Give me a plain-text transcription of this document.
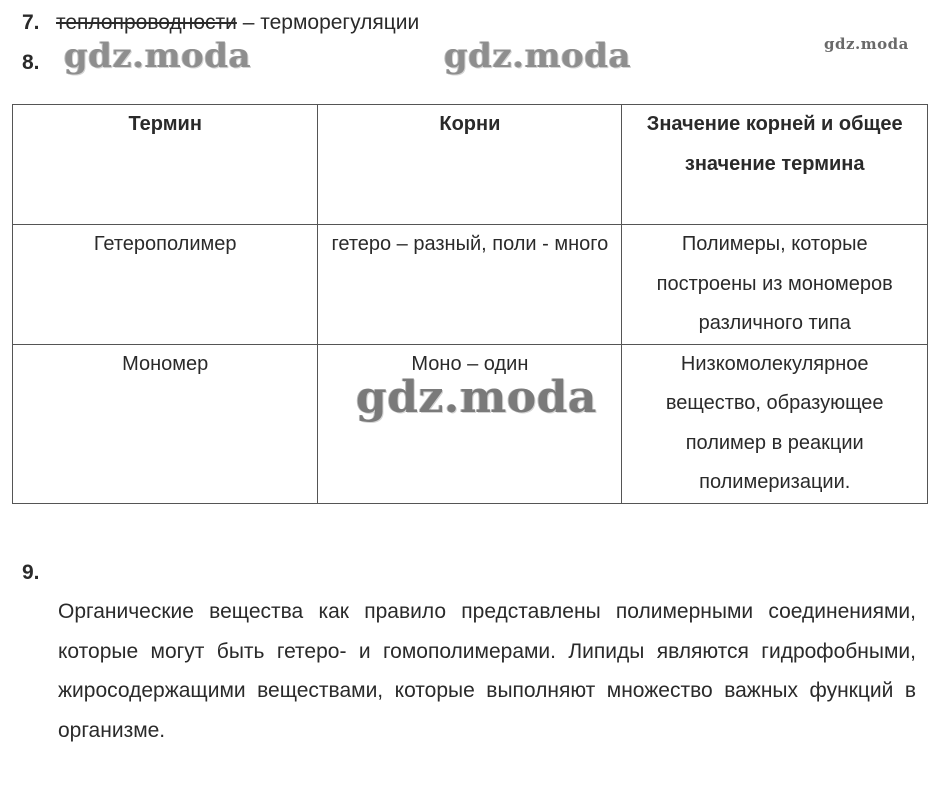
7. теплопроводности – терморегуляции
8. gdz.moda	gdz.moda	gdz.moda
Термин	Корни	Значение корней и общее значение термина
Гетерополимер	гетеро – разный, поли - много	Полимеры, которые построены из мономеров различного типа
Мономер	Моно – один	Низкомолекулярное вещество, образующее полимер в реакции полимеризации.
gdz.moda
9.
Органические вещества как правило представлены полимерными соединениями, которые могут быть гетеро- и гомополимерами. Липиды являются гидрофобными, жиросодержащими веществами, которые выполняют множество важных функций в организме.
